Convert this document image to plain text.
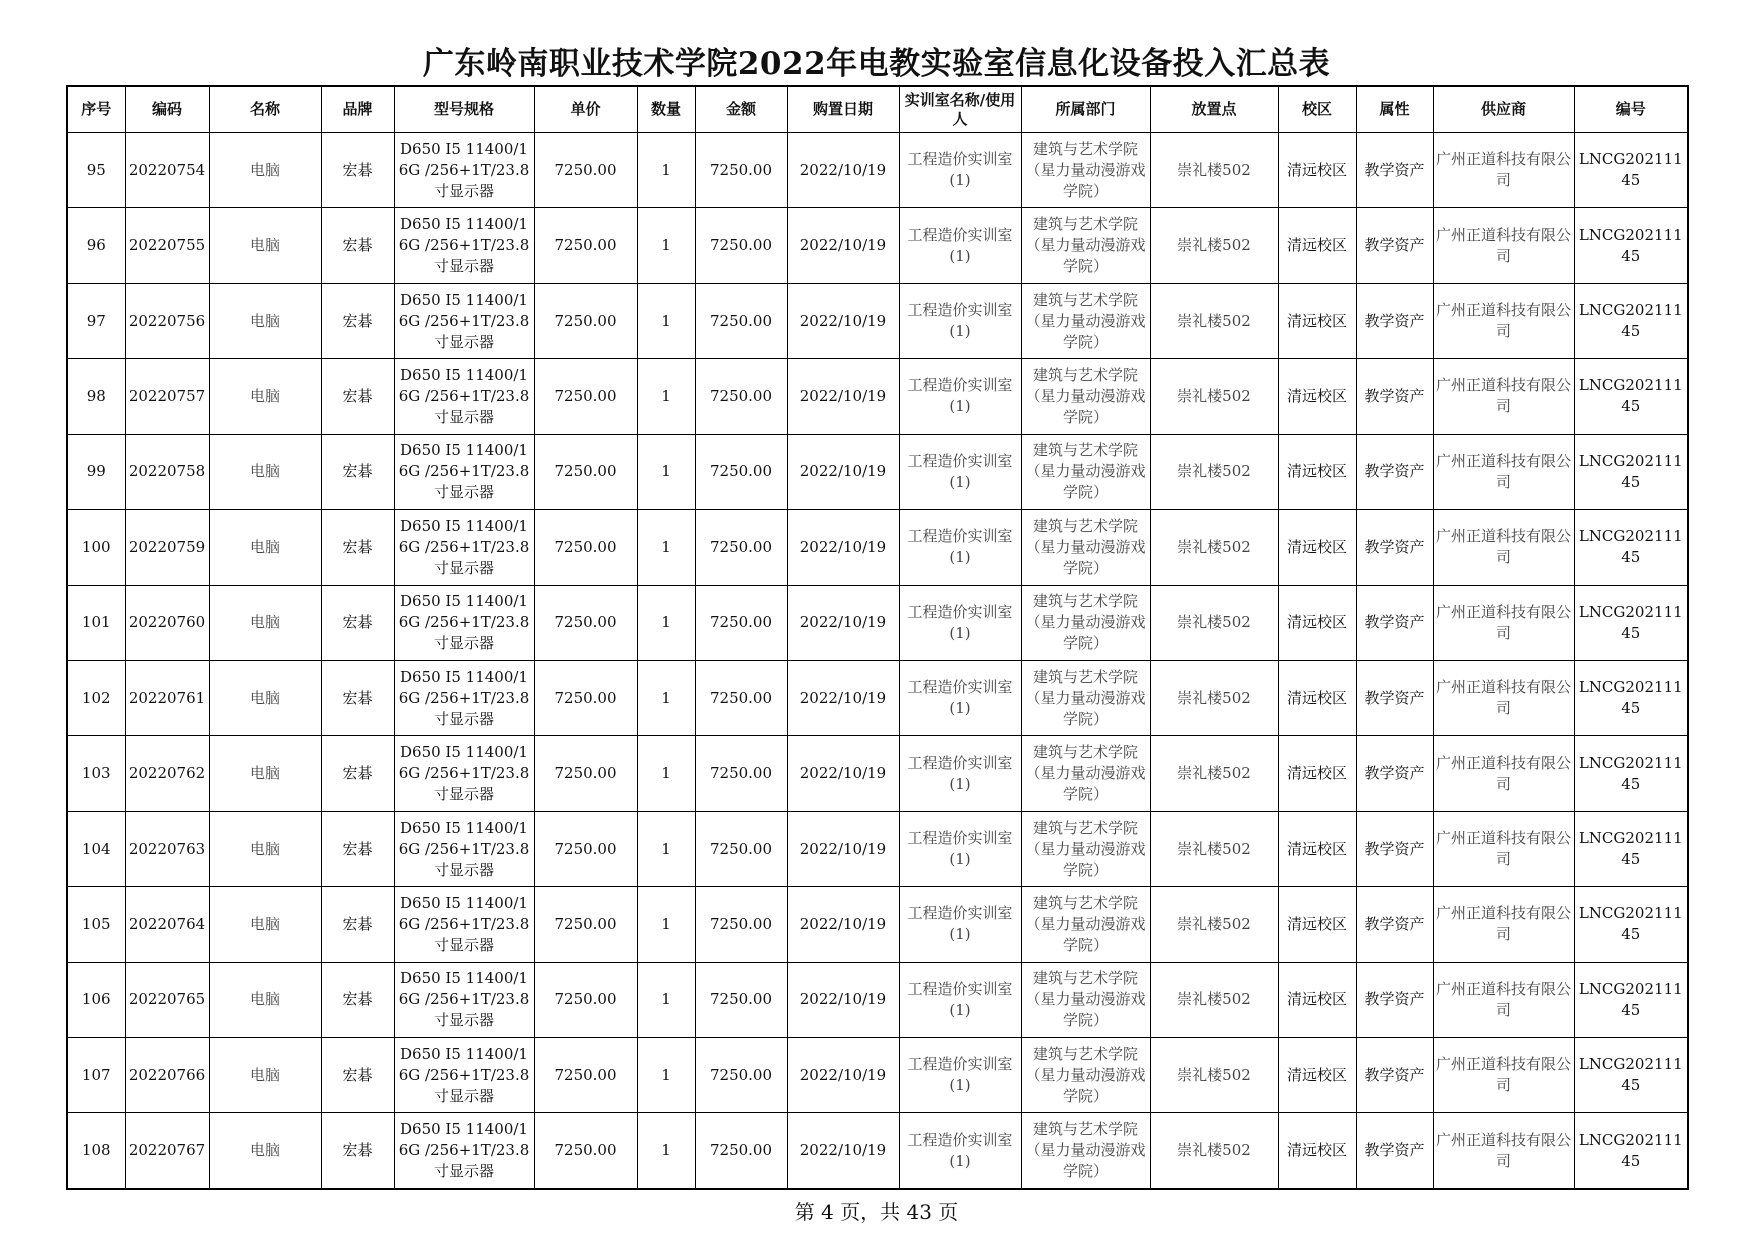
广东岭南职业技术学院2022年电教实验室信息化设备投入汇总表
序号	编码	名称	品牌	型号规格	单价	数量	金额	购置日期	实训室名称/使用人	所属部门	放置点	校区	属性	供应商	编号

95	20220754	电脑	宏碁	D650 I5 11400/16G /256+1T/23.8寸显示器	7250.00	1	7250.00	2022/10/19	工程造价实训室(1)	建筑与艺术学院（星力量动漫游戏学院）	崇礼楼502	清远校区	教学资产	广州正道科技有限公司	LNCG20211145

96	20220755	电脑	宏碁	D650 I5 11400/16G /256+1T/23.8寸显示器	7250.00	1	7250.00	2022/10/19	工程造价实训室(1)	建筑与艺术学院（星力量动漫游戏学院）	崇礼楼502	清远校区	教学资产	广州正道科技有限公司	LNCG20211145

97	20220756	电脑	宏碁	D650 I5 11400/16G /256+1T/23.8寸显示器	7250.00	1	7250.00	2022/10/19	工程造价实训室(1)	建筑与艺术学院（星力量动漫游戏学院）	崇礼楼502	清远校区	教学资产	广州正道科技有限公司	LNCG20211145

98	20220757	电脑	宏碁	D650 I5 11400/16G /256+1T/23.8寸显示器	7250.00	1	7250.00	2022/10/19	工程造价实训室(1)	建筑与艺术学院（星力量动漫游戏学院）	崇礼楼502	清远校区	教学资产	广州正道科技有限公司	LNCG20211145

99	20220758	电脑	宏碁	D650 I5 11400/16G /256+1T/23.8寸显示器	7250.00	1	7250.00	2022/10/19	工程造价实训室(1)	建筑与艺术学院（星力量动漫游戏学院）	崇礼楼502	清远校区	教学资产	广州正道科技有限公司	LNCG20211145

100	20220759	电脑	宏碁	D650 I5 11400/16G /256+1T/23.8寸显示器	7250.00	1	7250.00	2022/10/19	工程造价实训室(1)	建筑与艺术学院（星力量动漫游戏学院）	崇礼楼502	清远校区	教学资产	广州正道科技有限公司	LNCG20211145

101	20220760	电脑	宏碁	D650 I5 11400/16G /256+1T/23.8寸显示器	7250.00	1	7250.00	2022/10/19	工程造价实训室(1)	建筑与艺术学院（星力量动漫游戏学院）	崇礼楼502	清远校区	教学资产	广州正道科技有限公司	LNCG20211145

102	20220761	电脑	宏碁	D650 I5 11400/16G /256+1T/23.8寸显示器	7250.00	1	7250.00	2022/10/19	工程造价实训室(1)	建筑与艺术学院（星力量动漫游戏学院）	崇礼楼502	清远校区	教学资产	广州正道科技有限公司	LNCG20211145

103	20220762	电脑	宏碁	D650 I5 11400/16G /256+1T/23.8寸显示器	7250.00	1	7250.00	2022/10/19	工程造价实训室(1)	建筑与艺术学院（星力量动漫游戏学院）	崇礼楼502	清远校区	教学资产	广州正道科技有限公司	LNCG20211145

104	20220763	电脑	宏碁	D650 I5 11400/16G /256+1T/23.8寸显示器	7250.00	1	7250.00	2022/10/19	工程造价实训室(1)	建筑与艺术学院（星力量动漫游戏学院）	崇礼楼502	清远校区	教学资产	广州正道科技有限公司	LNCG20211145

105	20220764	电脑	宏碁	D650 I5 11400/16G /256+1T/23.8寸显示器	7250.00	1	7250.00	2022/10/19	工程造价实训室(1)	建筑与艺术学院（星力量动漫游戏学院）	崇礼楼502	清远校区	教学资产	广州正道科技有限公司	LNCG20211145

106	20220765	电脑	宏碁	D650 I5 11400/16G /256+1T/23.8寸显示器	7250.00	1	7250.00	2022/10/19	工程造价实训室(1)	建筑与艺术学院（星力量动漫游戏学院）	崇礼楼502	清远校区	教学资产	广州正道科技有限公司	LNCG20211145

107	20220766	电脑	宏碁	D650 I5 11400/16G /256+1T/23.8寸显示器	7250.00	1	7250.00	2022/10/19	工程造价实训室(1)	建筑与艺术学院（星力量动漫游戏学院）	崇礼楼502	清远校区	教学资产	广州正道科技有限公司	LNCG20211145

108	20220767	电脑	宏碁	D650 I5 11400/16G /256+1T/23.8寸显示器	7250.00	1	7250.00	2022/10/19	工程造价实训室(1)	建筑与艺术学院（星力量动漫游戏学院）	崇礼楼502	清远校区	教学资产	广州正道科技有限公司	LNCG20211145
第 4 页，共 43 页
